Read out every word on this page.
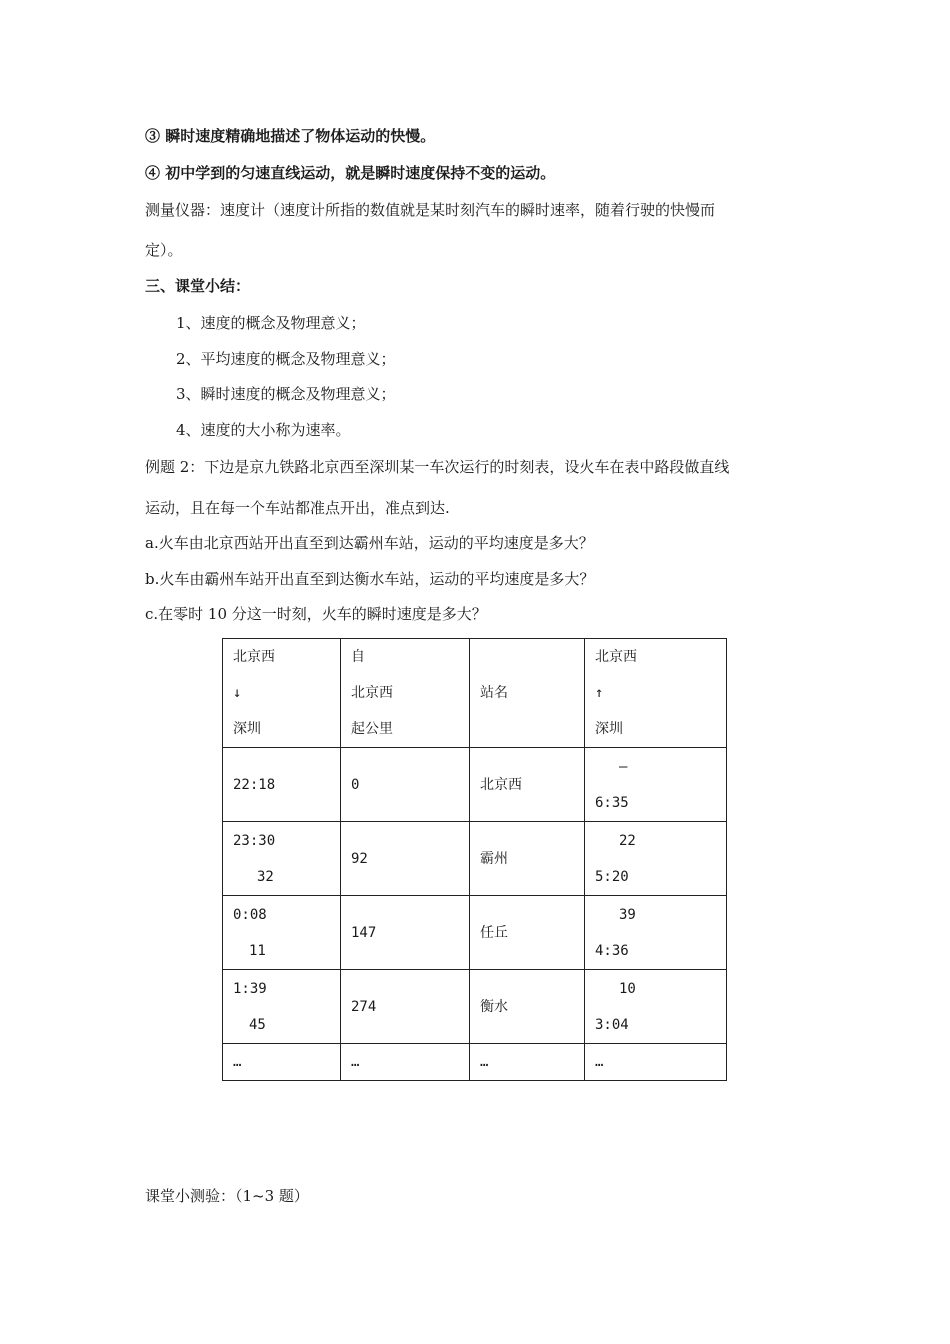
③ 瞬时速度精确地描述了物体运动的快慢。
④ 初中学到的匀速直线运动，就是瞬时速度保持不变的运动。
测量仪器：速度计（速度计所指的数值就是某时刻汽车的瞬时速率，随着行驶的快慢而
定）。
三、课堂小结：
1、速度的概念及物理意义；
2、平均速度的概念及物理意义；
3、瞬时速度的概念及物理意义；
4、速度的大小称为速率。
例题 2：下边是京九铁路北京西至深圳某一车次运行的时刻表，设火车在表中路段做直线
运动，且在每一个车站都准点开出，准点到达.
a.火车由北京西站开出直至到达霸州车站，运动的平均速度是多大？
b.火车由霸州车站开出直至到达衡水车站，运动的平均速度是多大？
c.在零时 10 分这一时刻，火车的瞬时速度是多大？
北京西
↓
深圳	自
北京西
起公里	站名	北京西
↑
深圳

22:18	0	北京西	–
6:35

23:30
32	92	霸州	22
5:20

0:08
11	147	任丘	39
4:36

1:39
45	274	衡水	10
3:04

…	…	…	…
课堂小测验：（1~3 题）
